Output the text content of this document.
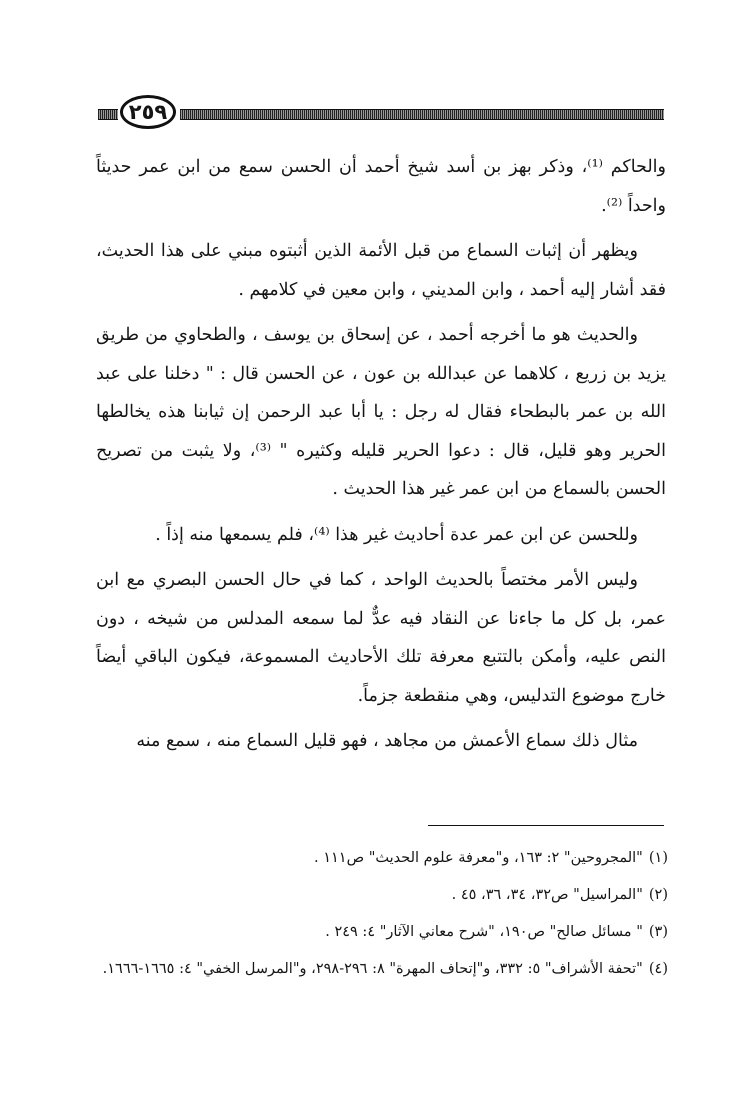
٢٥٩

والحاكم ⁽¹⁾، وذكر بهز بن أسد شيخ أحمد أن الحسن سمع من ابن عمر حديثاً واحداً ⁽²⁾.

ويظهر أن إثبات السماع من قبل الأئمة الذين أثبتوه مبني على هذا الحديث، فقد أشار إليه أحمد ، وابن المديني ، وابن معين في كلامهم .

والحديث هو ما أخرجه أحمد ، عن إسحاق بن يوسف ، والطحاوي من طريق يزيد بن زريع ، كلاهما عن عبدالله بن عون ، عن الحسن قال : " دخلنا على عبد الله بن عمر بالبطحاء فقال له رجل : يا أبا عبد الرحمن إن ثيابنا هذه يخالطها الحرير وهو قليل، قال : دعوا الحرير قليله وكثيره " ⁽³⁾، ولا يثبت من تصريح الحسن بالسماع من ابن عمر غير هذا الحديث .

وللحسن عن ابن عمر عدة أحاديث غير هذا ⁽⁴⁾، فلم يسمعها منه إذاً .

وليس الأمر مختصاً بالحديث الواحد ، كما في حال الحسن البصري مع ابن عمر، بل كل ما جاءنا عن النقاد فيه عدٌّ لما سمعه المدلس من شيخه ، دون النص عليه، وأمكن بالتتبع معرفة تلك الأحاديث المسموعة، فيكون الباقي أيضاً خارج موضوع التدليس، وهي منقطعة جزماً.

مثال ذلك سماع الأعمش من مجاهد ، فهو قليل السماع منه ، سمع منه

(١)"المجروحين" ٢: ١٦٣، و"معرفة علوم الحديث" ص١١١ .

(٢)"المراسيل" ص٣٢، ٣٤، ٣٦، ٤٥ .

(٣)" مسائل صالح" ص١٩٠، "شرح معاني الآثار" ٤: ٢٤٩ .

(٤)"تحفة الأشراف" ٥: ٣٣٢، و"إتحاف المهرة" ٨: ٢٩٦-٢٩٨، و"المرسل الخفي" ٤: ١٦٦٥-١٦٦٦.
